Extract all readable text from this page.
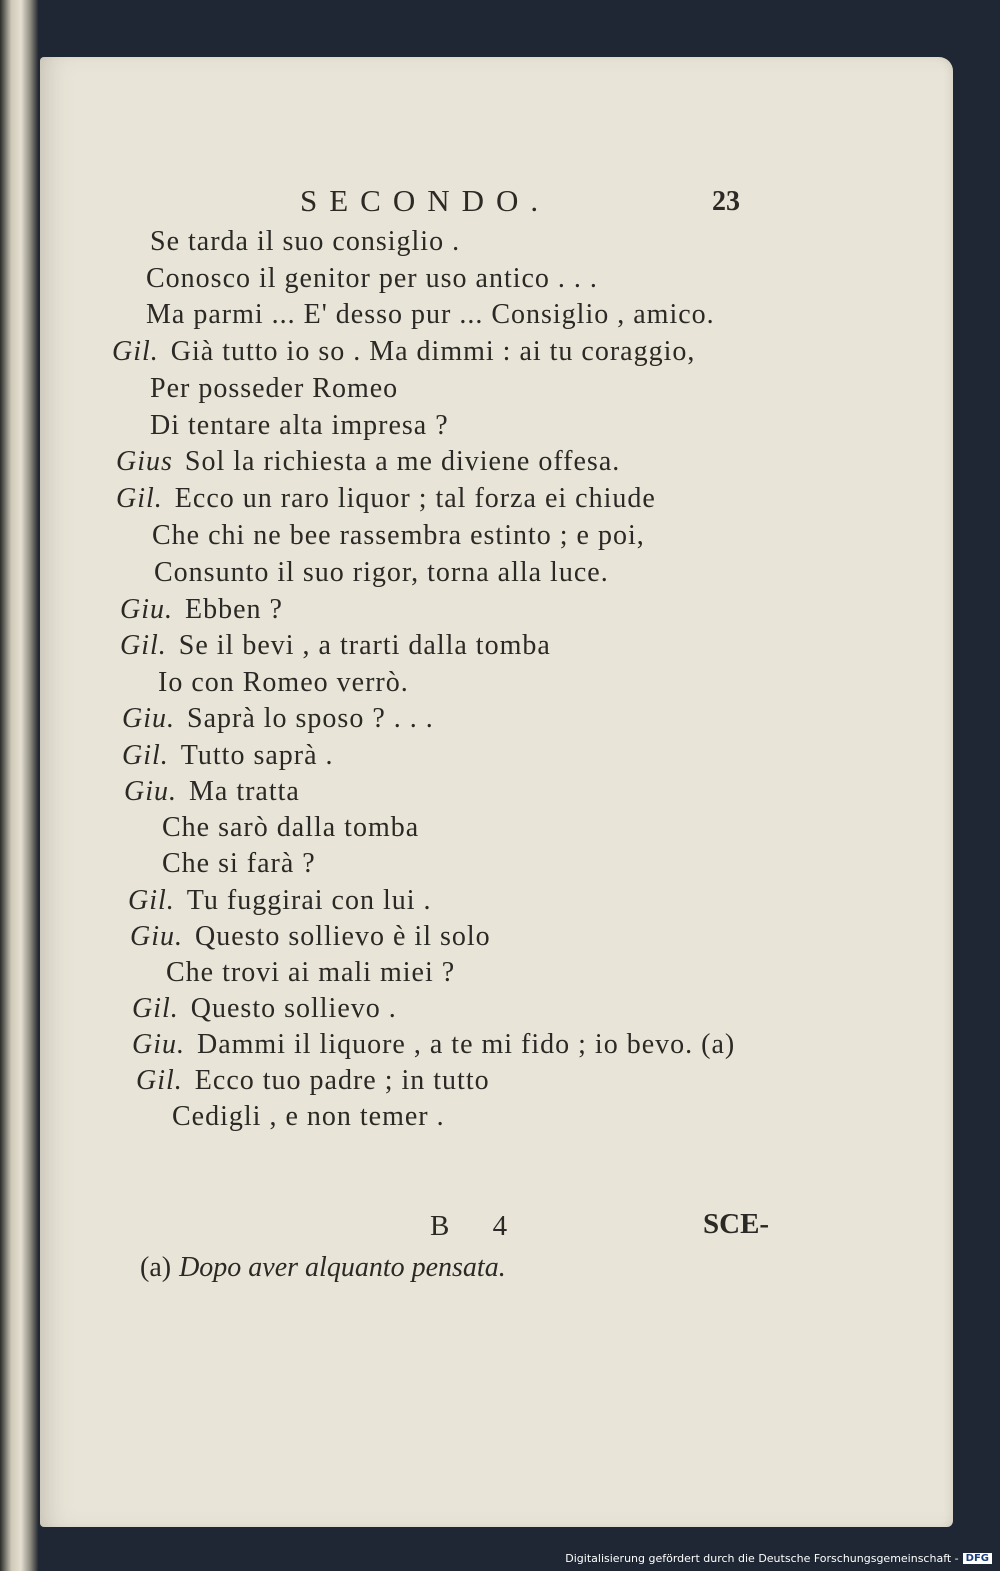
SECONDO.	23
Se tarda il suo consiglio .
Conosco il genitor per uso antico . . .
Ma parmi ... E' desso pur ... Consiglio , amico.
Gil. Già tutto io so . Ma dimmi : ai tu coraggio,
Per posseder Romeo
Di tentare alta impresa ?
Gius Sol la richiesta a me diviene offesa.
Gil. Ecco un raro liquor ; tal forza ei chiude
Che chi ne bee rassembra estinto ; e poi,
Consunto il suo rigor, torna alla luce.
Giu. Ebben ?
Gil. Se il bevi , a trarti dalla tomba
Io con Romeo verrò.
Giu. Saprà lo sposo ? . . .
Gil. Tutto saprà .
Giu. Ma tratta
Che sarò dalla tomba
Che si farà ?
Gil. Tu fuggirai con lui .
Giu. Questo sollievo è il solo
Che trovi ai mali miei ?
Gil. Questo sollievo .
Giu. Dammi il liquore , a te mi fido ; io bevo. (a)
Gil. Ecco tuo padre ; in tutto
Cedigli , e non temer .
B 4	SCE-
(a) Dopo aver alquanto pensata.
Digitalisierung gefördert durch die Deutsche Forschungsgemeinschaft - DFG
